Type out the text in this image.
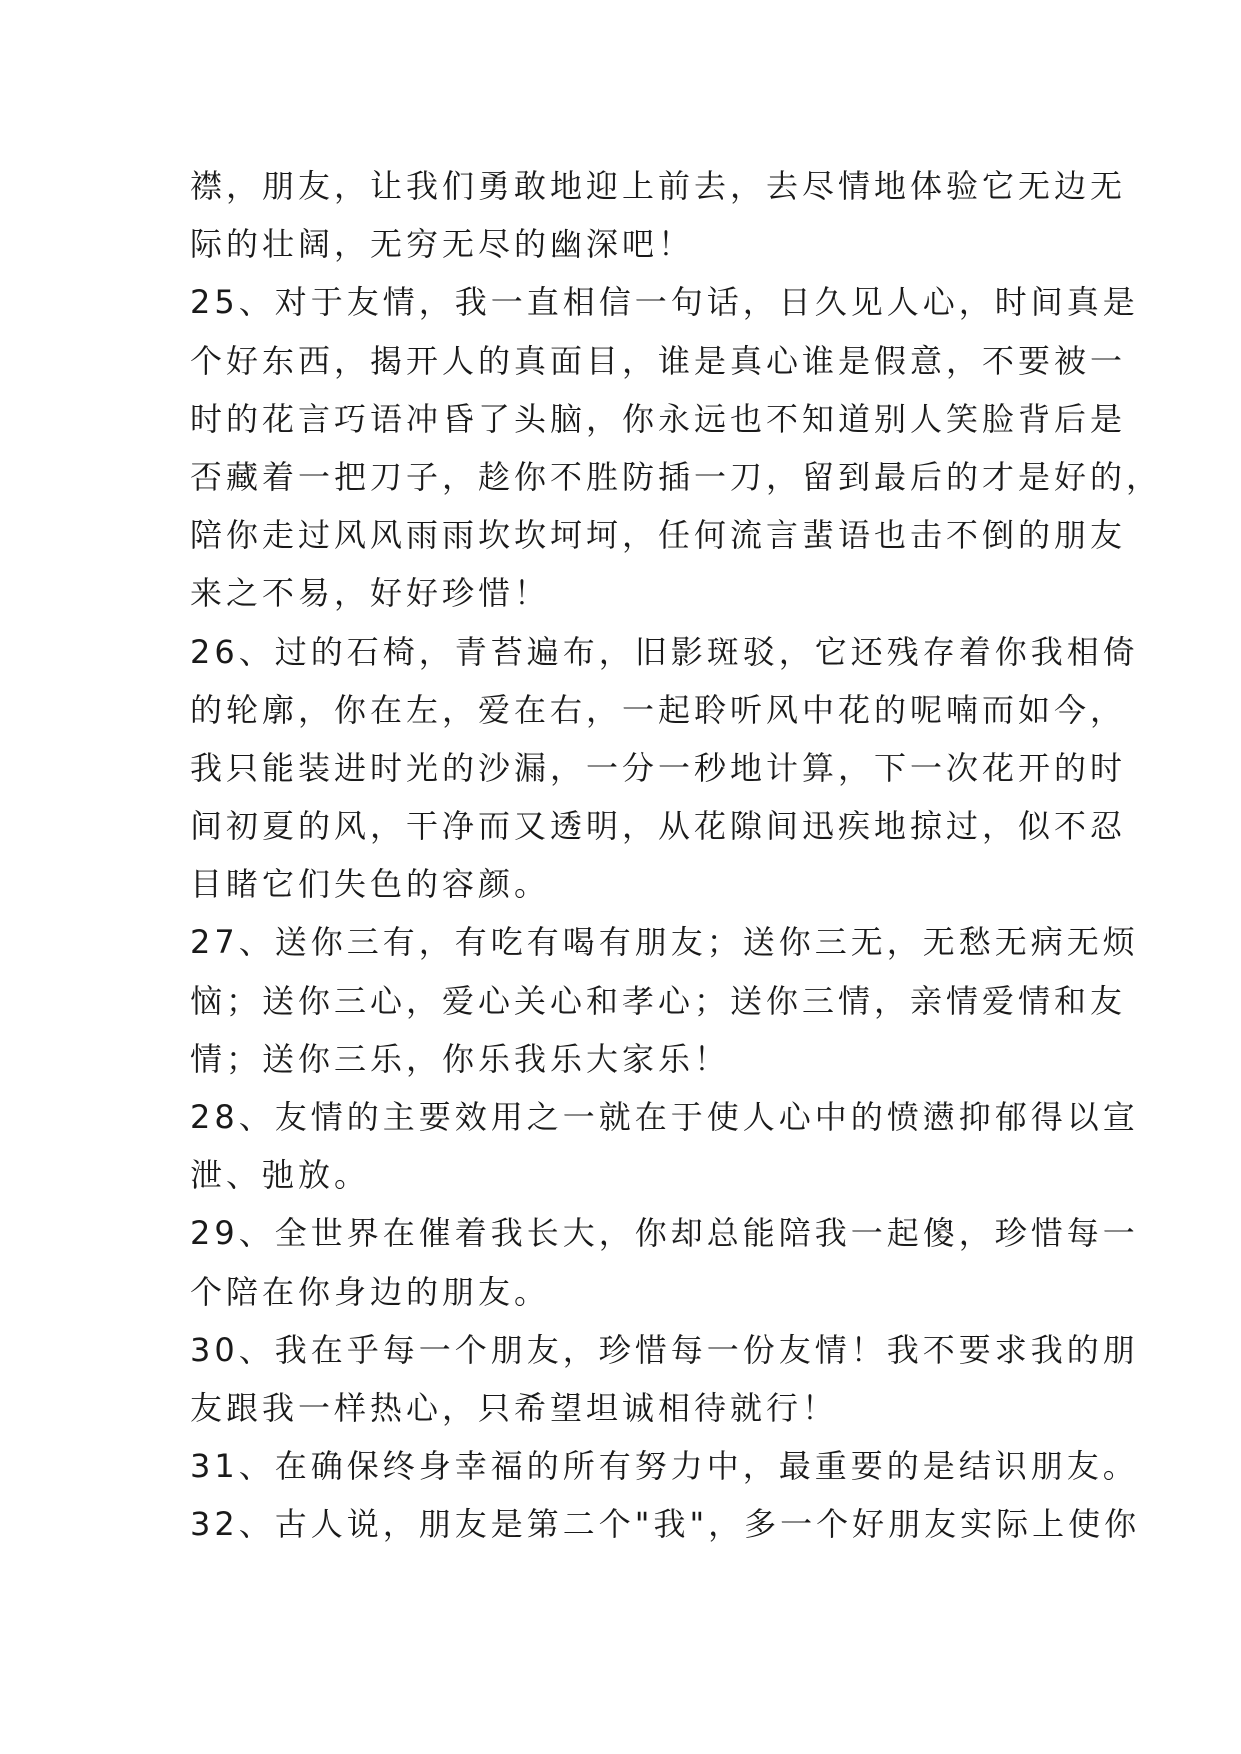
襟，朋友，让我们勇敢地迎上前去，去尽情地体验它无边无

际的壮阔，无穷无尽的幽深吧！

25、对于友情，我一直相信一句话，日久见人心，时间真是

个好东西，揭开人的真面目，谁是真心谁是假意，不要被一

时的花言巧语冲昏了头脑，你永远也不知道别人笑脸背后是

否藏着一把刀子，趁你不胜防插一刀，留到最后的才是好的，

陪你走过风风雨雨坎坎坷坷，任何流言蜚语也击不倒的朋友

来之不易，好好珍惜！

26、过的石椅，青苔遍布，旧影斑驳，它还残存着你我相倚

的轮廓，你在左，爱在右，一起聆听风中花的呢喃而如今，

我只能装进时光的沙漏，一分一秒地计算，下一次花开的时

间初夏的风，干净而又透明，从花隙间迅疾地掠过，似不忍

目睹它们失色的容颜。

27、送你三有，有吃有喝有朋友；送你三无，无愁无病无烦

恼；送你三心，爱心关心和孝心；送你三情，亲情爱情和友

情；送你三乐，你乐我乐大家乐！

28、友情的主要效用之一就在于使人心中的愤懑抑郁得以宣

泄、弛放。

29、全世界在催着我长大，你却总能陪我一起傻，珍惜每一

个陪在你身边的朋友。

30、我在乎每一个朋友，珍惜每一份友情！我不要求我的朋

友跟我一样热心，只希望坦诚相待就行！

31、在确保终身幸福的所有努力中，最重要的是结识朋友。

32、古人说，朋友是第二个"我"，多一个好朋友实际上使你
